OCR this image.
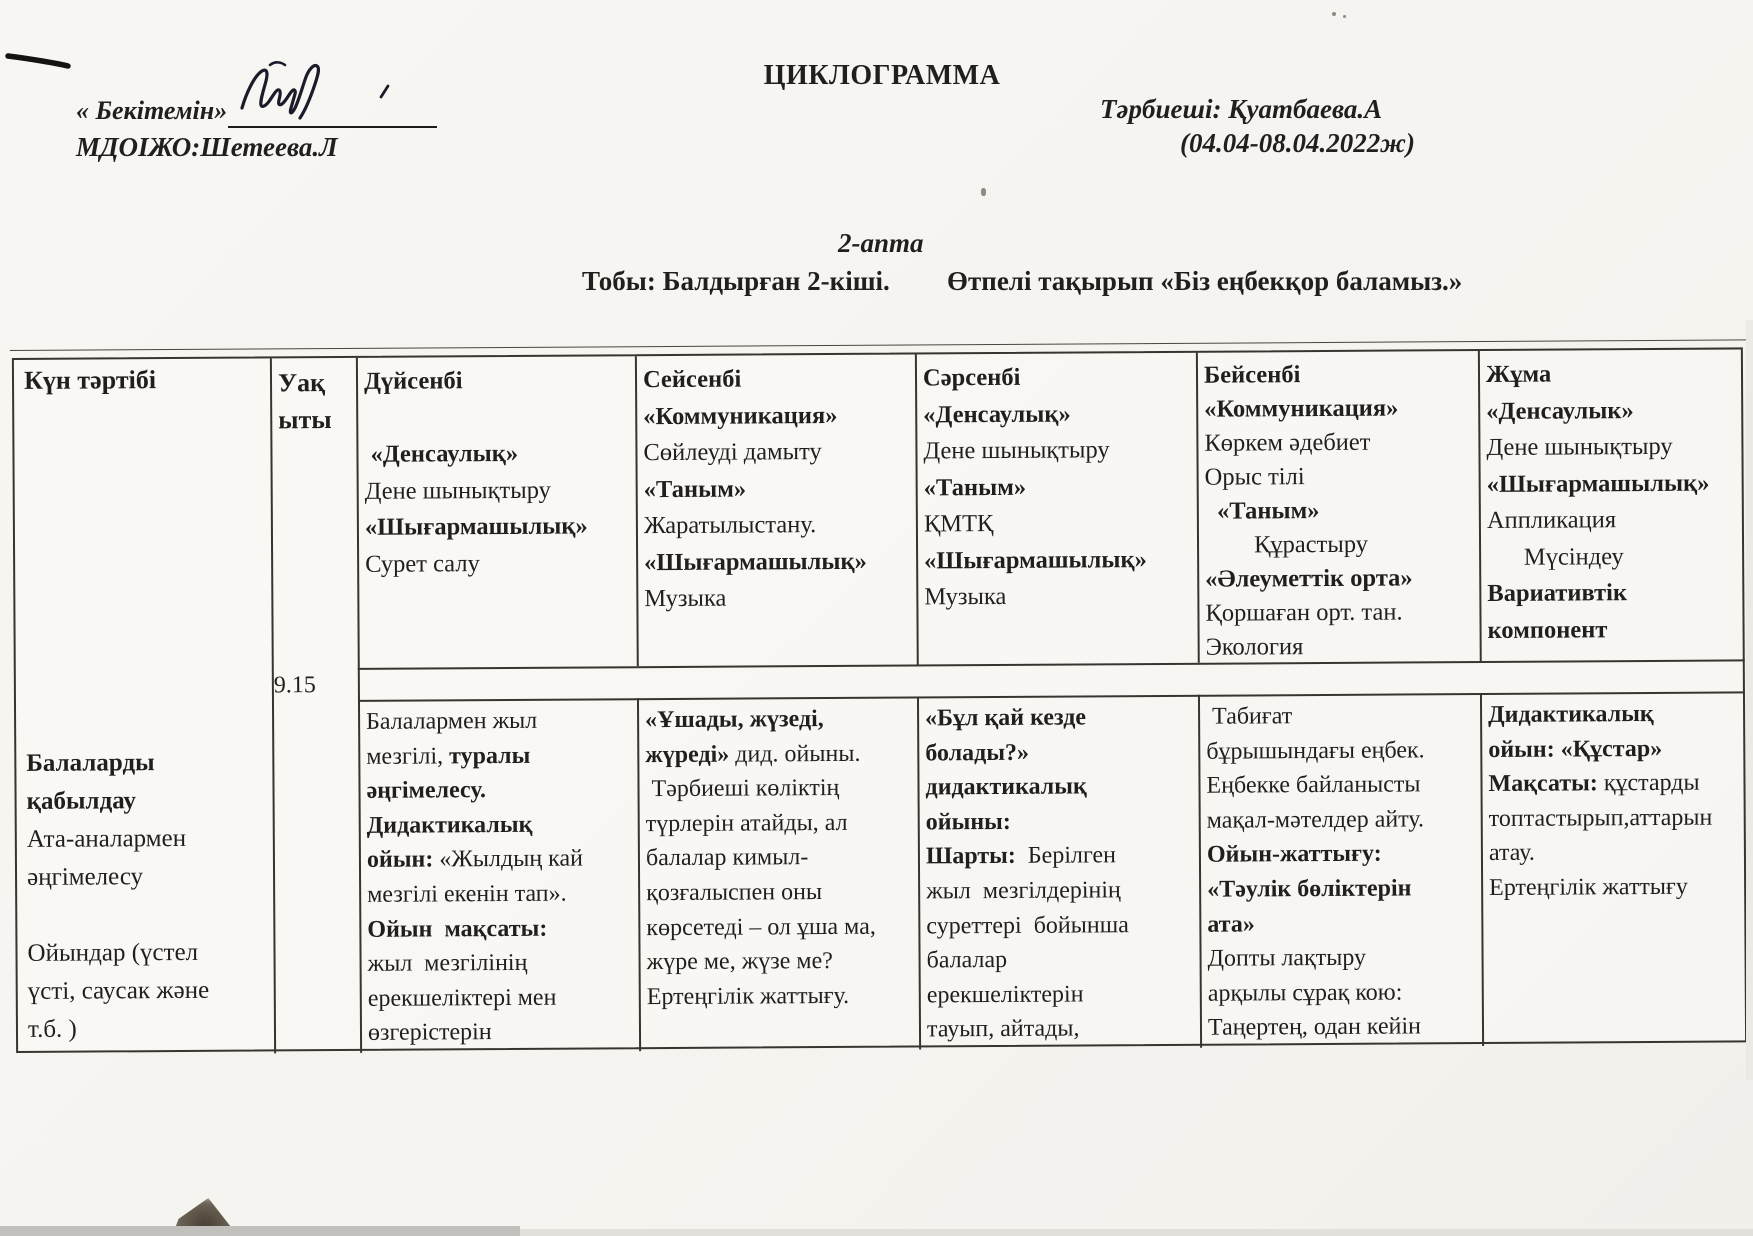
« Бекітемін»
МДОІЖО:Шетеева.Л
ЦИКЛОГРАММА
Тәрбиеші: Қуатбаева.А
(04.04-08.04.2022ж)
2-апта
Тобы: Балдырған 2-кіші. Өтпелі тақырып «Біз еңбекқор баламыз.»
Күн тәртібі
Балаларды
қабылдау
Ата-аналармен
әңгімелесу

Ойындар (үстел
үсті, саусак және
т.б. )
Уақ
ыты
9.15
Дүйсенбі

«Денсаулық»
Дене шынықтыру
«Шығармашылық»
Сурет салу
Сейсенбі
«Коммуникация»
Сөйлеуді дамыту
«Таным»
Жаратылыстану.
«Шығармашылық»
Музыка
Сәрсенбі
«Денсаулық»
Дене шынықтыру
«Таным»
ҚМТҚ
«Шығармашылық»
Музыка
Бейсенбі
«Коммуникация»
Көркем әдебиет
Орыс тілі
«Таным»
Құрастыру
«Әлеуметтік орта»
Қоршаған орт. тан.
Экология
Жұма
«Денсаулык»
Дене шынықтыру
«Шығармашылық»
Аппликация
Мүсіндеу
Вариативтік
компонент
Балалармен жыл
мезгілі, туралы
әңгімелесу.
Дидактикалық
ойын: «Жылдың кай
мезгілі екенін тап».
Ойын  мақсаты:
жыл  мезгілінің
ерекшеліктері мен
өзгерістерін
«Ұшады, жүзеді,
жүреді» дид. ойыны.
Тәрбиеші көліктің
түрлерін атайды, ал
балалар кимыл-
қозғалыспен оны
көрсетеді – ол ұша ма,
жүре ме, жүзе ме?
Ертеңгілік жаттығу.
«Бұл қай кезде
болады?»
дидактикалық
ойыны:
Шарты:  Берілген
жыл  мезгілдерінің
суреттері  бойынша
балалар
ерекшеліктерін
тауып, айтады,
Табиғат
бұрышындағы еңбек.
Еңбекке байланысты
мақал-мәтелдер айту.
Ойын-жаттығу:
«Тәулік бөліктерін
ата»
Допты лақтыру
арқылы сұрақ кою:
Таңертең, одан кейін
Дидактикалық
ойын: «Құстар»
Мақсаты: құстарды
топтастырып,аттарын
атау.
Ертеңгілік жаттығу
